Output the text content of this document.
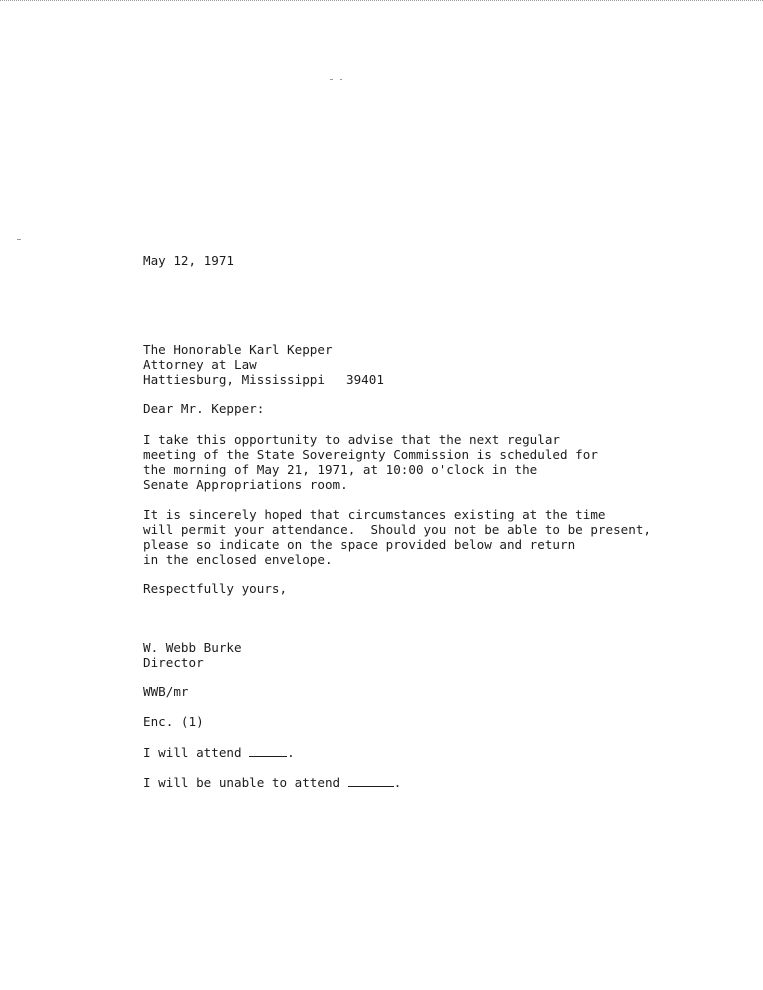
May 12, 1971
The Honorable Karl Kepper
Attorney at Law
Hattiesburg, Mississippi 39401
Dear Mr. Kepper:
I take this opportunity to advise that the next regular
meeting of the State Sovereignty Commission is scheduled for
the morning of May 21, 1971, at 10:00 o'clock in the
Senate Appropriations room.
It is sincerely hoped that circumstances existing at the time
will permit your attendance.  Should you not be able to be present,
please so indicate on the space provided below and return
in the enclosed envelope.
Respectfully yours,
W. Webb Burke
Director
WWB/mr
Enc. (1)
I will attend	.
I will be unable to attend	.
